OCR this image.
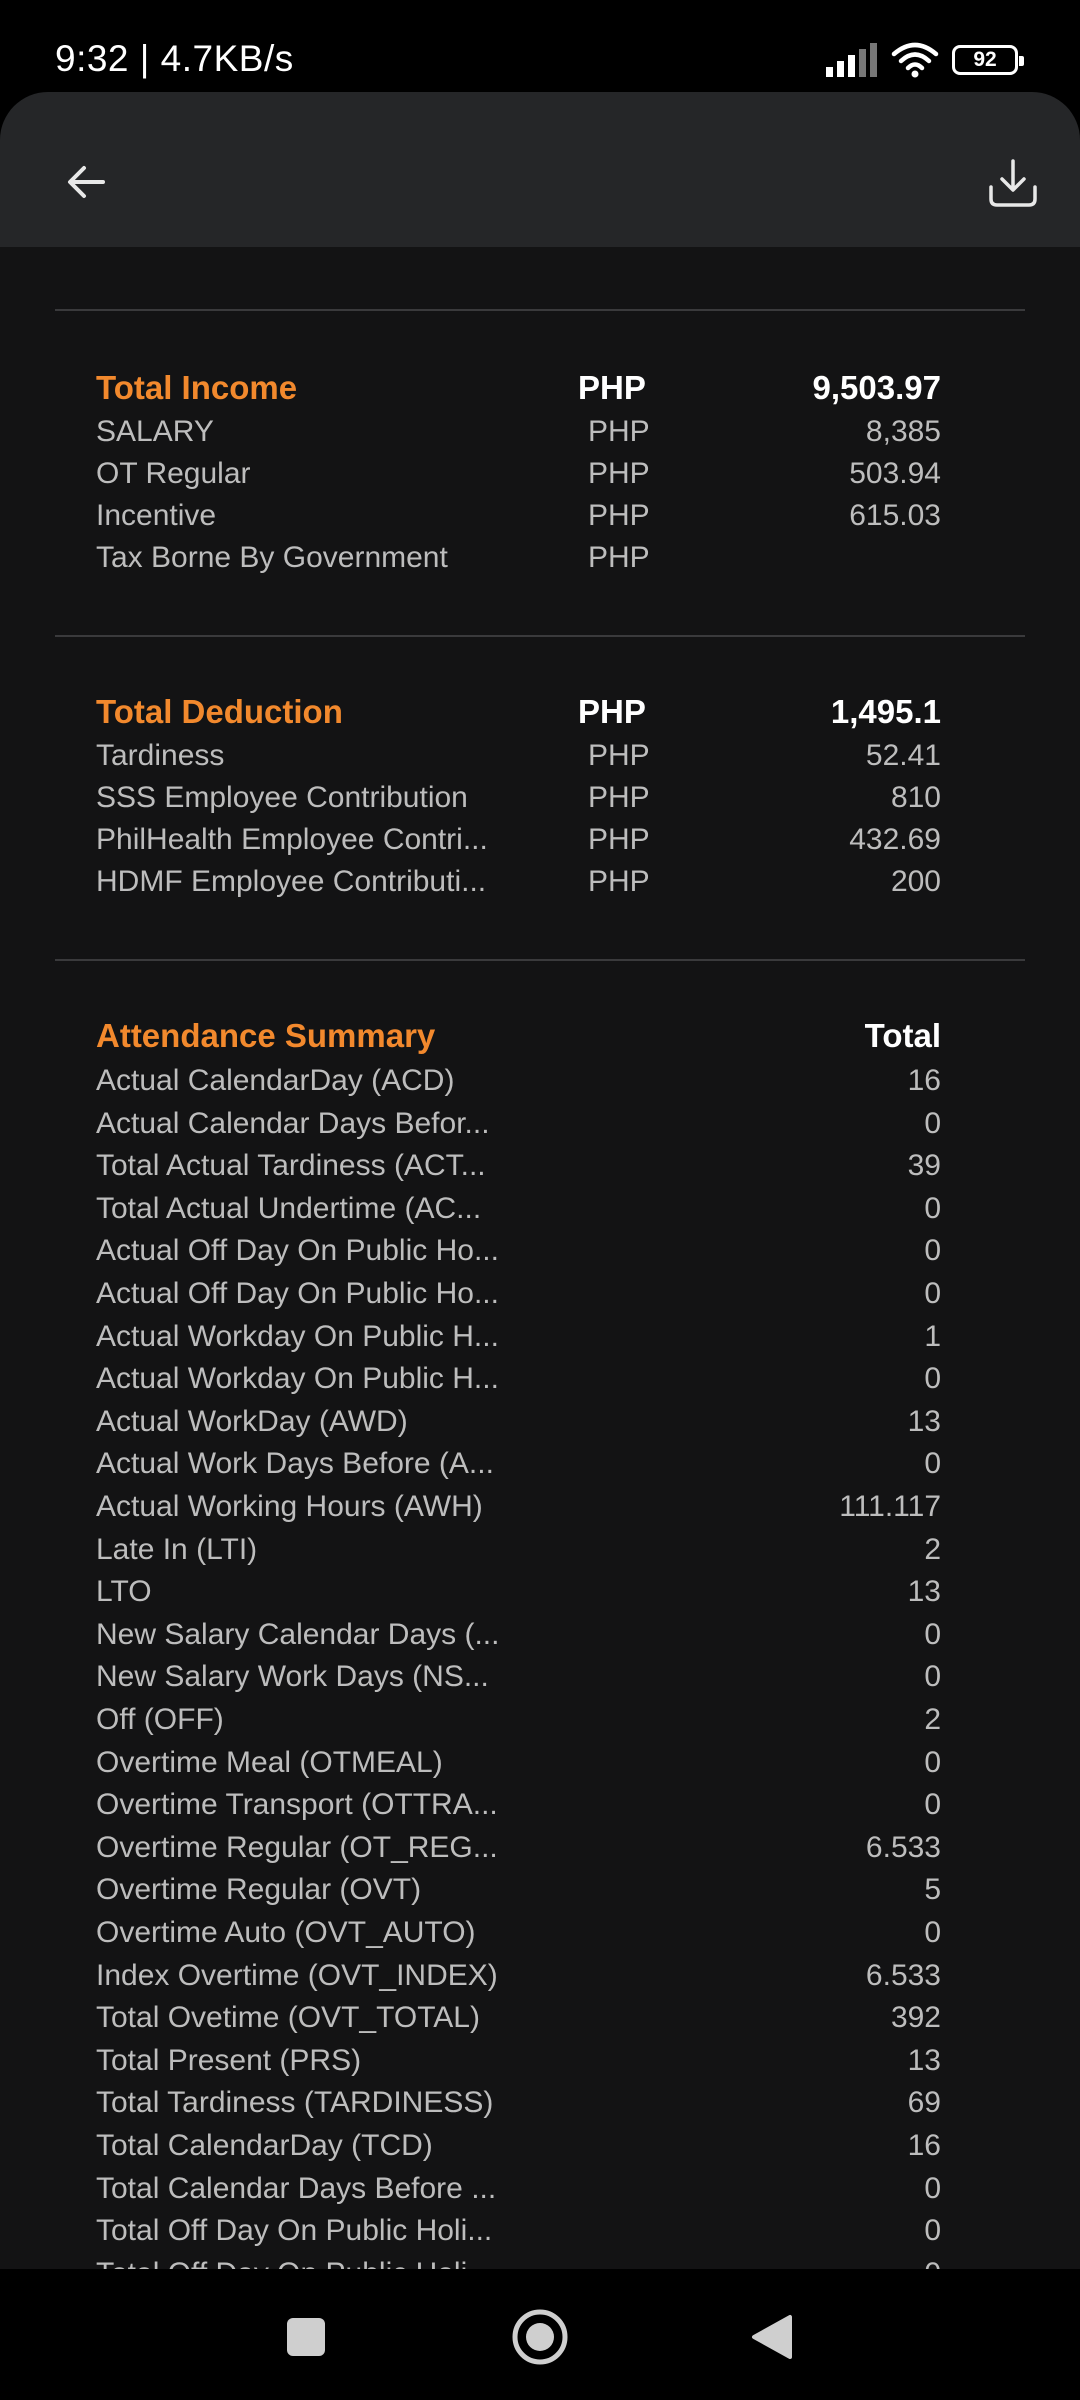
9:32 | 4.7KB/s	92
Total Income	PHP	9,503.97
SALARY	PHP	8,385
OT Regular	PHP	503.94
Incentive	PHP	615.03
Tax Borne By Government	PHP
Total Deduction	PHP	1,495.1
Tardiness	PHP	52.41
SSS Employee Contribution	PHP	810
PhilHealth Employee Contri...	PHP	432.69
HDMF Employee Contributi...	PHP	200
Attendance Summary	Total
Actual CalendarDay (ACD)	16
Actual Calendar Days Befor...	0
Total Actual Tardiness (ACT...	39
Total Actual Undertime (AC...	0
Actual Off Day On Public Ho...	0
Actual Off Day On Public Ho...	0
Actual Workday On Public H...	1
Actual Workday On Public H...	0
Actual WorkDay (AWD)	13
Actual Work Days Before (A...	0
Actual Working Hours (AWH)	111.117
Late In (LTI)	2
LTO	13
New Salary Calendar Days (...	0
New Salary Work Days (NS...	0
Off (OFF)	2
Overtime Meal (OTMEAL)	0
Overtime Transport (OTTRA...	0
Overtime Regular (OT_REG...	6.533
Overtime Regular (OVT)	5
Overtime Auto (OVT_AUTO)	0
Index Overtime (OVT_INDEX)	6.533
Total Ovetime (OVT_TOTAL)	392
Total Present (PRS)	13
Total Tardiness (TARDINESS)	69
Total CalendarDay (TCD)	16
Total Calendar Days Before ...	0
Total Off Day On Public Holi...	0
